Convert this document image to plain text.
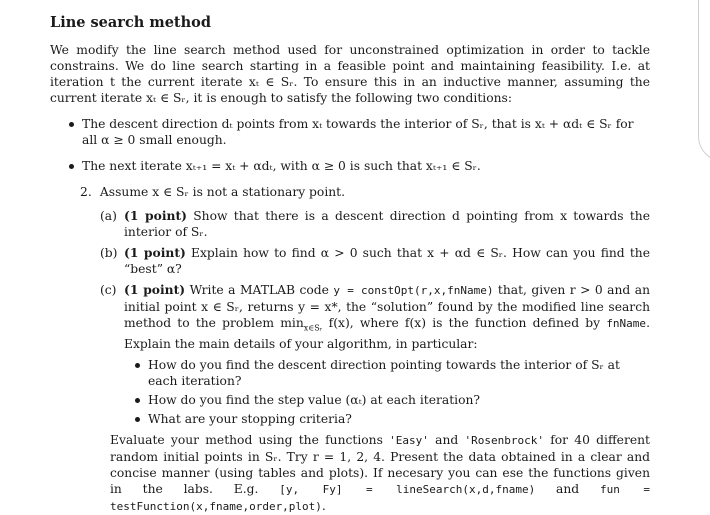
Line search method

We modify the line search method used for unconstrained optimization in order to tackle constrains. We do line search starting in a feasible point and maintaining feasibility. I.e. at iteration t the current iterate xₜ ∈ Sᵣ. To ensure this in an inductive manner, assuming the current iterate xₜ ∈ Sᵣ, it is enough to satisfy the following two conditions:

The descent direction dₜ points from xₜ towards the interior of Sᵣ, that is xₜ + αdₜ ∈ Sᵣ for all α ≥ 0 small enough.
The next iterate xₜ₊₁ = xₜ + αdₜ, with α ≥ 0 is such that xₜ₊₁ ∈ Sᵣ.
2. Assume x ∈ Sᵣ is not a stationary point.
(a) (1 point) Show that there is a descent direction d pointing from x towards the interior of Sᵣ.
(b) (1 point) Explain how to find α > 0 such that x + αd ∈ Sᵣ. How can you find the “best” α?
(c) (1 point) Write a MATLAB code y = constOpt(r,x,fnName) that, given r > 0 and an initial point x ∈ Sᵣ, returns y = x*, the “solution” found by the modified line search method to the problem $\min_{x\in Sᵣ} f(x)$, where f(x) is the function defined by fnName. Explain the main details of your algorithm, in particular:
How do you find the descent direction pointing towards the interior of Sᵣ at each iteration?
How do you find the step value (αₜ) at each iteration?
What are your stopping criteria?

Evaluate your method using the functions 'Easy' and 'Rosenbrock' for 40 different random initial points in Sᵣ. Try r = 1, 2, 4. Present the data obtained in a clear and concise manner (using tables and plots). If necesary you can ese the functions given in the labs. E.g. [y, Fy] = lineSearch(x,d,fname) and fun = testFunction(x,fname,order,plot).
